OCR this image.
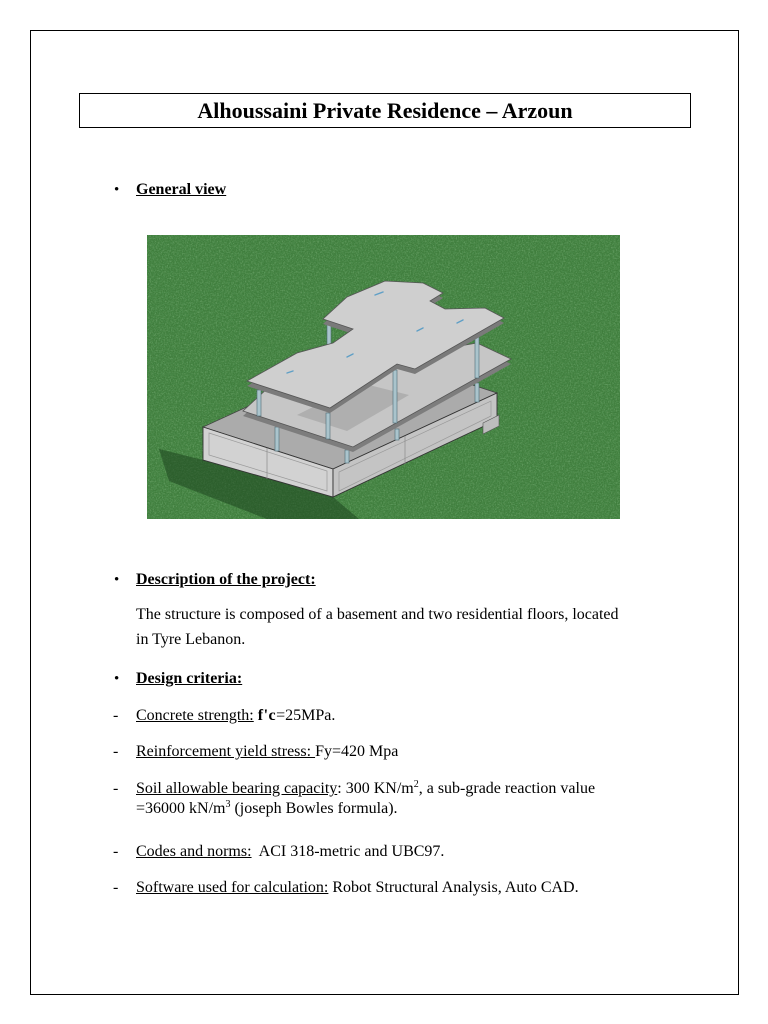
Alhoussaini Private Residence – Arzoun
• General view
• Description of the project:
The structure is composed of a basement and two residential floors, located
in Tyre Lebanon.
• Design criteria:
- Concrete strength: f'c=25MPa.
- Reinforcement yield stress: Fy=420 Mpa
- Soil allowable bearing capacity: 300 $KN/m^2$, a sub-grade reaction value
=36000 $kN/m^3$ (joseph Bowles formula).
- Codes and norms:  ACI 318-metric and UBC97.
- Software used for calculation: Robot Structural Analysis, Auto CAD.
